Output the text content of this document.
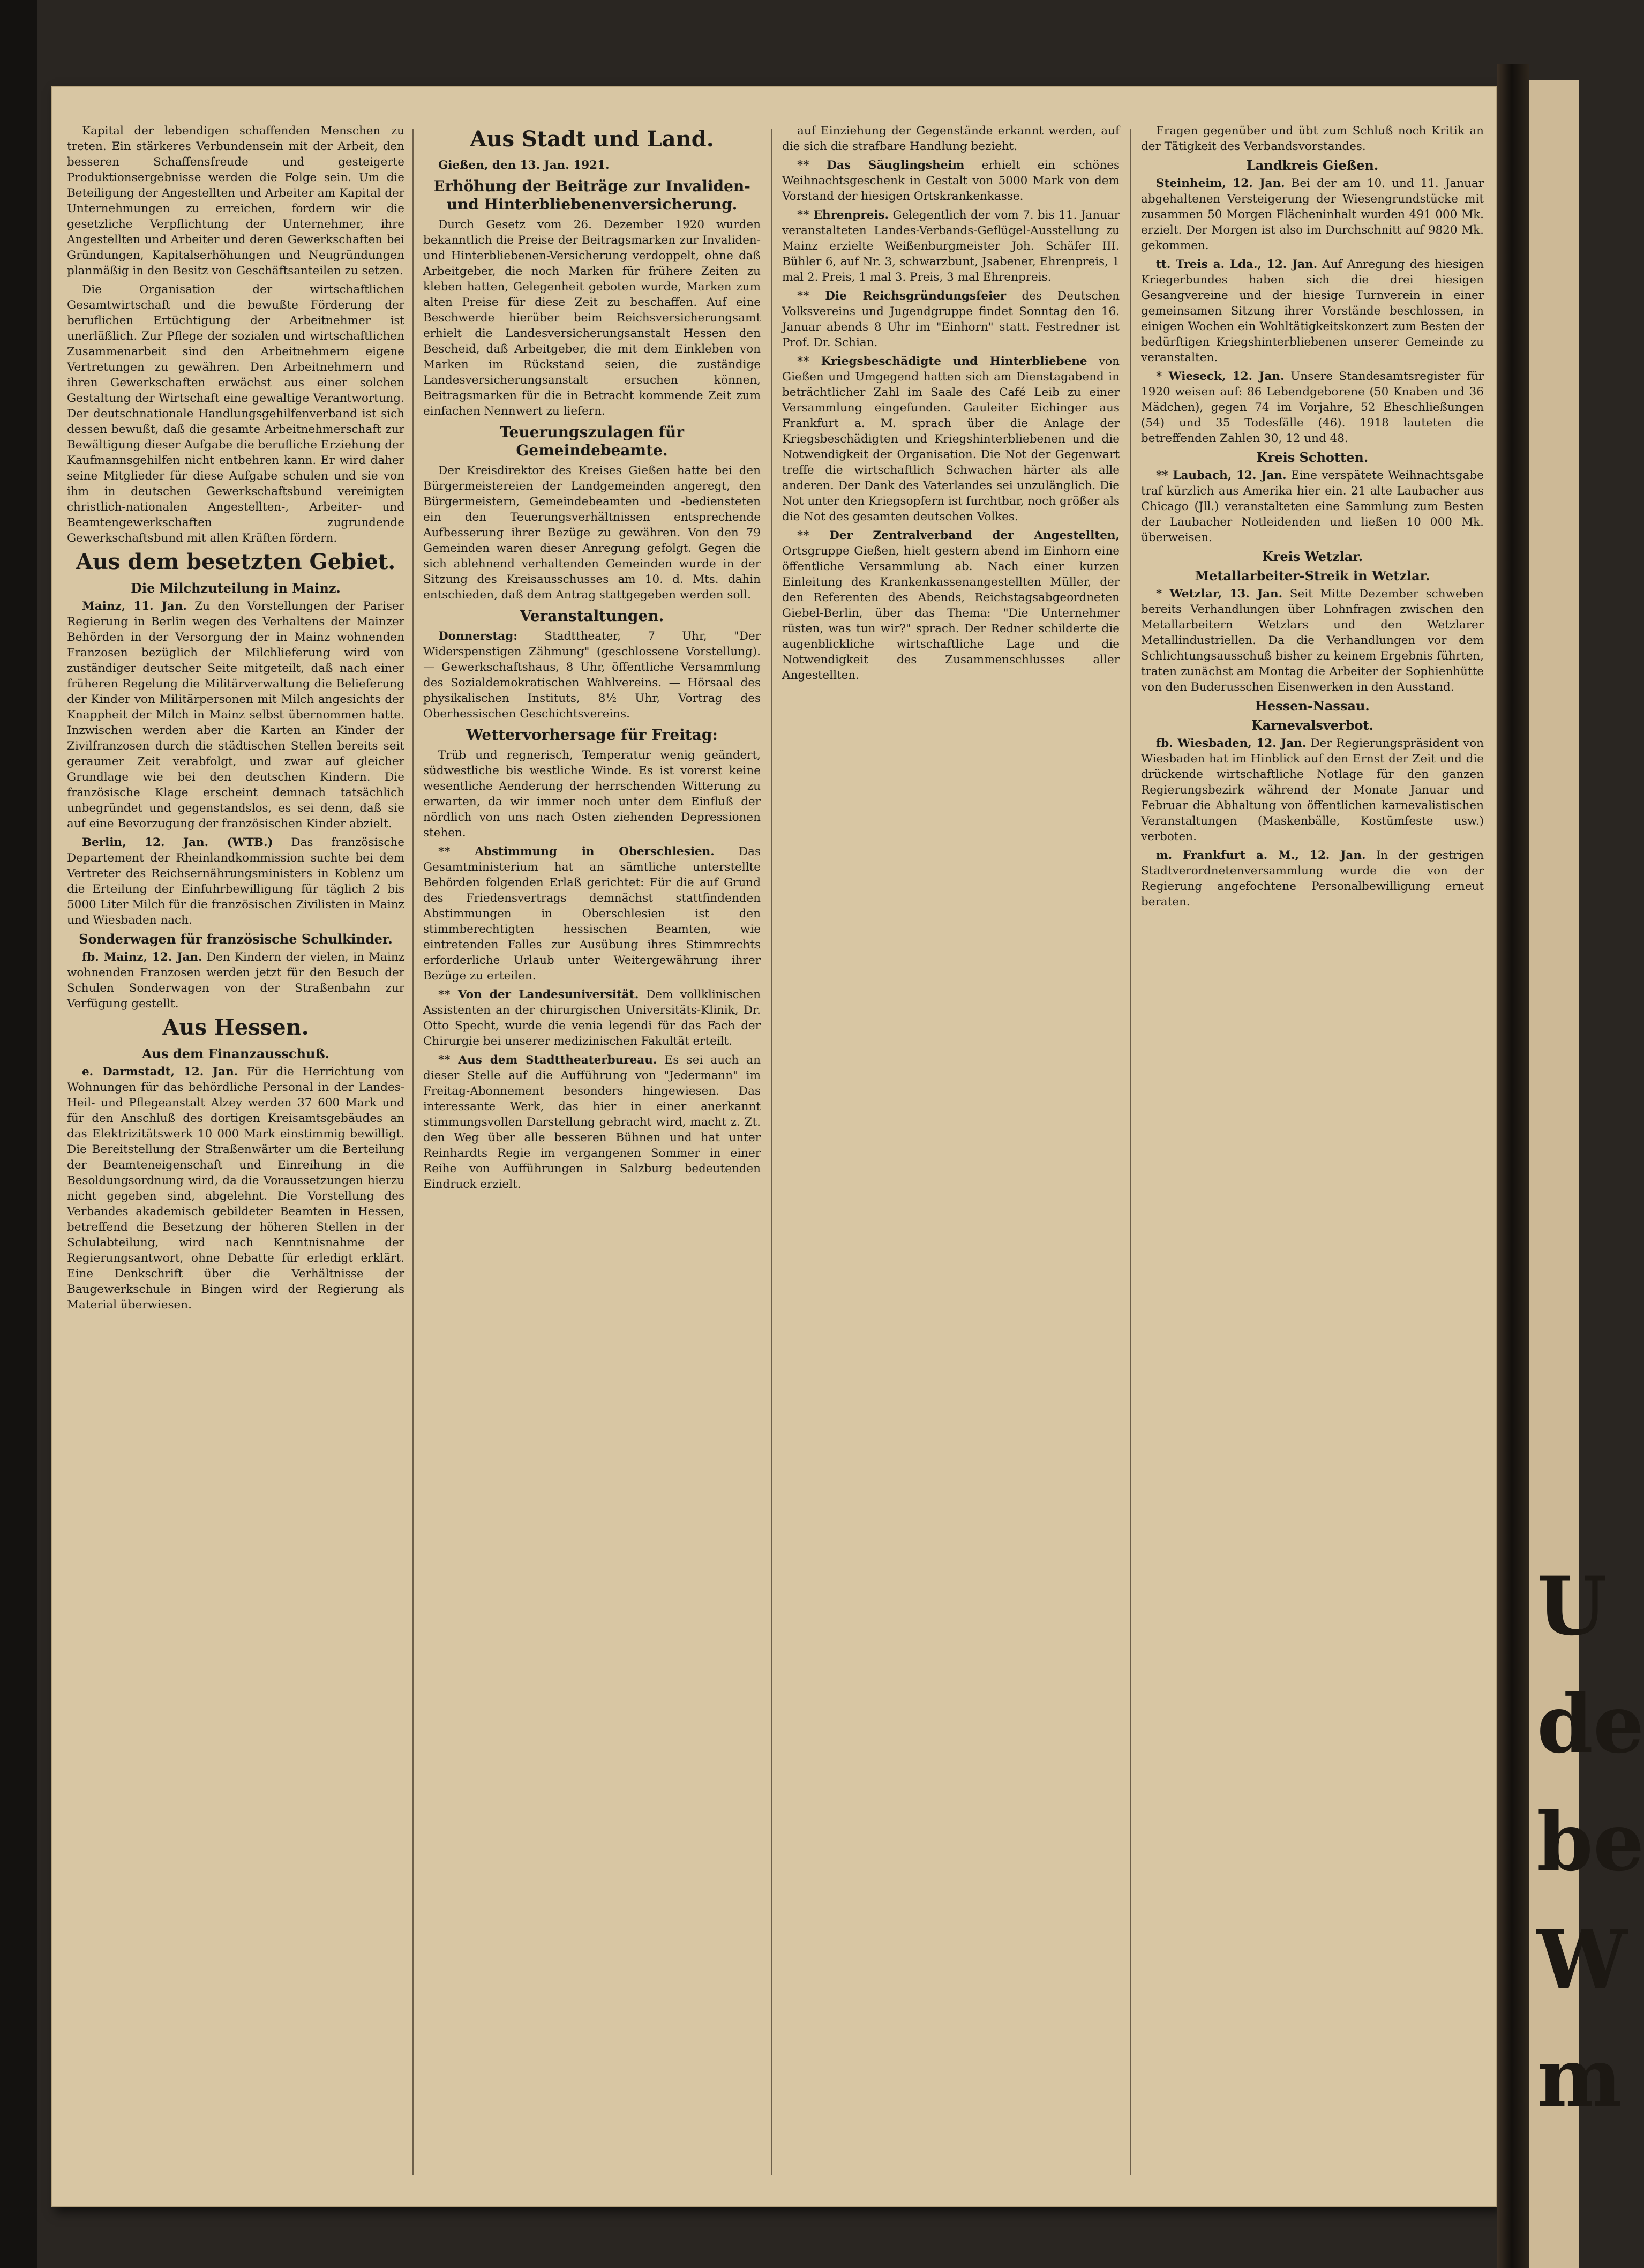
U
de
be
W
m

Kapital der lebendigen schaffenden Menschen zu treten. Ein stärkeres Verbundensein mit der Arbeit, den besseren Schaffensfreude und gesteigerte Produktionsergebnisse werden die Folge sein. Um die Beteiligung der Angestellten und Arbeiter am Kapital der Unternehmungen zu erreichen, fordern wir die gesetzliche Verpflichtung der Unternehmer, ihre Angestellten und Arbeiter und deren Gewerkschaften bei Gründungen, Kapitalserhöhungen und Neugründungen planmäßig in den Besitz von Geschäftsanteilen zu setzen.

Die Organisation der wirtschaftlichen Gesamtwirtschaft und die bewußte Förderung der beruflichen Ertüchtigung der Arbeitnehmer ist unerläßlich. Zur Pflege der sozialen und wirtschaftlichen Zusammenarbeit sind den Arbeitnehmern eigene Vertretungen zu gewähren. Den Arbeitnehmern und ihren Gewerkschaften erwächst aus einer solchen Gestaltung der Wirtschaft eine gewaltige Verantwortung. Der deutschnationale Handlungsgehilfenverband ist sich dessen bewußt, daß die gesamte Arbeitnehmerschaft zur Bewältigung dieser Aufgabe die berufliche Erziehung der Kaufmannsgehilfen nicht entbehren kann. Er wird daher seine Mitglieder für diese Aufgabe schulen und sie von ihm in deutschen Gewerkschaftsbund vereinigten christlich-nationalen Angestellten-, Arbeiter- und Beamtengewerkschaften zugrundende Gewerkschaftsbund mit allen Kräften fördern.

Aus dem besetzten Gebiet.
Die Milchzuteilung in Mainz.

Mainz, 11. Jan. Zu den Vorstellungen der Pariser Regierung in Berlin wegen des Verhaltens der Mainzer Behörden in der Versorgung der in Mainz wohnenden Franzosen bezüglich der Milchlieferung wird von zuständiger deutscher Seite mitgeteilt, daß nach einer früheren Regelung die Militärverwaltung die Belieferung der Kinder von Militärpersonen mit Milch angesichts der Knappheit der Milch in Mainz selbst übernommen hatte. Inzwischen werden aber die Karten an Kinder der Zivilfranzosen durch die städtischen Stellen bereits seit geraumer Zeit verabfolgt, und zwar auf gleicher Grundlage wie bei den deutschen Kindern. Die französische Klage erscheint demnach tatsächlich unbegründet und gegenstandslos, es sei denn, daß sie auf eine Bevorzugung der französischen Kinder abzielt.

Berlin, 12. Jan. (WTB.) Das französische Departement der Rheinlandkommission suchte bei dem Vertreter des Reichsernährungsministers in Koblenz um die Erteilung der Einfuhrbewilligung für täglich 2 bis 5000 Liter Milch für die französischen Zivilisten in Mainz und Wiesbaden nach.

Sonderwagen für französische Schulkinder.

fb. Mainz, 12. Jan. Den Kindern der vielen, in Mainz wohnenden Franzosen werden jetzt für den Besuch der Schulen Sonderwagen von der Straßenbahn zur Verfügung gestellt.

Aus Hessen.
Aus dem Finanzausschuß.

e. Darmstadt, 12. Jan. Für die Herrichtung von Wohnungen für das behördliche Personal in der Landes-Heil- und Pflegeanstalt Alzey werden 37 600 Mark und für den Anschluß des dortigen Kreisamtsgebäudes an das Elektrizitätswerk 10 000 Mark einstimmig bewilligt. Die Bereitstellung der Straßenwärter um die Berteilung der Beamteneigenschaft und Einreihung in die Besoldungsordnung wird, da die Voraussetzungen hierzu nicht gegeben sind, abgelehnt. Die Vorstellung des Verbandes akademisch gebildeter Beamten in Hessen, betreffend die Besetzung der höheren Stellen in der Schulabteilung, wird nach Kenntnisnahme der Regierungsantwort, ohne Debatte für erledigt erklärt. Eine Denkschrift über die Verhältnisse der Baugewerkschule in Bingen wird der Regierung als Material überwiesen.

Aus Stadt und Land.

Gießen, den 13. Jan. 1921.

Erhöhung der Beiträge zur Invaliden- und Hinterbliebenenversicherung.

Durch Gesetz vom 26. Dezember 1920 wurden bekanntlich die Preise der Beitragsmarken zur Invaliden- und Hinterbliebenen-Versicherung verdoppelt, ohne daß Arbeitgeber, die noch Marken für frühere Zeiten zu kleben hatten, Gelegenheit geboten wurde, Marken zum alten Preise für diese Zeit zu beschaffen. Auf eine Beschwerde hierüber beim Reichsversicherungsamt erhielt die Landesversicherungsanstalt Hessen den Bescheid, daß Arbeitgeber, die mit dem Einkleben von Marken im Rückstand seien, die zuständige Landesversicherungsanstalt ersuchen können, Beitragsmarken für die in Betracht kommende Zeit zum einfachen Nennwert zu liefern.

Teuerungszulagen für Gemeindebeamte.

Der Kreisdirektor des Kreises Gießen hatte bei den Bürgermeistereien der Landgemeinden angeregt, den Bürgermeistern, Gemeindebeamten und -bediensteten ein den Teuerungsverhältnissen entsprechende Aufbesserung ihrer Bezüge zu gewähren. Von den 79 Gemeinden waren dieser Anregung gefolgt. Gegen die sich ablehnend verhaltenden Gemeinden wurde in der Sitzung des Kreisausschusses am 10. d. Mts. dahin entschieden, daß dem Antrag stattgegeben werden soll.

Veranstaltungen.

Donnerstag: Stadttheater, 7 Uhr, "Der Widerspenstigen Zähmung" (geschlossene Vorstellung). — Gewerkschaftshaus, 8 Uhr, öffentliche Versammlung des Sozialdemokratischen Wahlvereins. — Hörsaal des physikalischen Instituts, 8½ Uhr, Vortrag des Oberhessischen Geschichtsvereins.

Wettervorhersage für Freitag:

Trüb und regnerisch, Temperatur wenig geändert, südwestliche bis westliche Winde. Es ist vorerst keine wesentliche Aenderung der herrschenden Witterung zu erwarten, da wir immer noch unter dem Einfluß der nördlich von uns nach Osten ziehenden Depressionen stehen.

** Abstimmung in Oberschlesien. Das Gesamtministerium hat an sämtliche unterstellte Behörden folgenden Erlaß gerichtet: Für die auf Grund des Friedensvertrags demnächst stattfindenden Abstimmungen in Oberschlesien ist den stimmberechtigten hessischen Beamten, wie eintretenden Falles zur Ausübung ihres Stimmrechts erforderliche Urlaub unter Weitergewährung ihrer Bezüge zu erteilen.

** Von der Landesuniversität. Dem vollklinischen Assistenten an der chirurgischen Universitäts-Klinik, Dr. Otto Specht, wurde die venia legendi für das Fach der Chirurgie bei unserer medizinischen Fakultät erteilt.

** Aus dem Stadttheaterbureau. Es sei auch an dieser Stelle auf die Aufführung von "Jedermann" im Freitag-Abonnement besonders hingewiesen. Das interessante Werk, das hier in einer anerkannt stimmungsvollen Darstellung gebracht wird, macht z. Zt. den Weg über alle besseren Bühnen und hat unter Reinhardts Regie im vergangenen Sommer in einer Reihe von Aufführungen in Salzburg bedeutenden Eindruck erzielt.

auf Einziehung der Gegenstände erkannt werden, auf die sich die strafbare Handlung bezieht.

** Das Säuglingsheim erhielt ein schönes Weihnachtsgeschenk in Gestalt von 5000 Mark von dem Vorstand der hiesigen Ortskrankenkasse.

** Ehrenpreis. Gelegentlich der vom 7. bis 11. Januar veranstalteten Landes-Verbands-Geflügel-Ausstellung zu Mainz erzielte Weißenburgmeister Joh. Schäfer III. Bühler 6, auf Nr. 3, schwarzbunt, Jsabener, Ehrenpreis, 1 mal 2. Preis, 1 mal 3. Preis, 3 mal Ehrenpreis.

** Die Reichsgründungsfeier des Deutschen Volksvereins und Jugendgruppe findet Sonntag den 16. Januar abends 8 Uhr im "Einhorn" statt. Festredner ist Prof. Dr. Schian.

** Kriegsbeschädigte und Hinterbliebene von Gießen und Umgegend hatten sich am Dienstagabend in beträchtlicher Zahl im Saale des Café Leib zu einer Versammlung eingefunden. Gauleiter Eichinger aus Frankfurt a. M. sprach über die Anlage der Kriegsbeschädigten und Kriegshinterbliebenen und die Notwendigkeit der Organisation. Die Not der Gegenwart treffe die wirtschaftlich Schwachen härter als alle anderen. Der Dank des Vaterlandes sei unzulänglich. Die Not unter den Kriegsopfern ist furchtbar, noch größer als die Not des gesamten deutschen Volkes.

** Der Zentralverband der Angestellten, Ortsgruppe Gießen, hielt gestern abend im Einhorn eine öffentliche Versammlung ab. Nach einer kurzen Einleitung des Krankenkassenangestellten Müller, der den Referenten des Abends, Reichstagsabgeordneten Giebel-Berlin, über das Thema: "Die Unternehmer rüsten, was tun wir?" sprach. Der Redner schilderte die augenblickliche wirtschaftliche Lage und die Notwendigkeit des Zusammenschlusses aller Angestellten.

Fragen gegenüber und übt zum Schluß noch Kritik an der Tätigkeit des Verbandsvorstandes.

Landkreis Gießen.

Steinheim, 12. Jan. Bei der am 10. und 11. Januar abgehaltenen Versteigerung der Wiesengrundstücke mit zusammen 50 Morgen Flächeninhalt wurden 491 000 Mk. erzielt. Der Morgen ist also im Durchschnitt auf 9820 Mk. gekommen.

tt. Treis a. Lda., 12. Jan. Auf Anregung des hiesigen Kriegerbundes haben sich die drei hiesigen Gesangvereine und der hiesige Turnverein in einer gemeinsamen Sitzung ihrer Vorstände beschlossen, in einigen Wochen ein Wohltätigkeitskonzert zum Besten der bedürftigen Kriegshinterbliebenen unserer Gemeinde zu veranstalten.

* Wieseck, 12. Jan. Unsere Standesamtsregister für 1920 weisen auf: 86 Lebendgeborene (50 Knaben und 36 Mädchen), gegen 74 im Vorjahre, 52 Eheschließungen (54) und 35 Todesfälle (46). 1918 lauteten die betreffenden Zahlen 30, 12 und 48.

Kreis Schotten.

** Laubach, 12. Jan. Eine verspätete Weihnachtsgabe traf kürzlich aus Amerika hier ein. 21 alte Laubacher aus Chicago (Jll.) veranstalteten eine Sammlung zum Besten der Laubacher Notleidenden und ließen 10 000 Mk. überweisen.

Kreis Wetzlar.
Metallarbeiter-Streik in Wetzlar.

* Wetzlar, 13. Jan. Seit Mitte Dezember schweben bereits Verhandlungen über Lohnfragen zwischen den Metallarbeitern Wetzlars und den Wetzlarer Metallindustriellen. Da die Verhandlungen vor dem Schlichtungsausschuß bisher zu keinem Ergebnis führten, traten zunächst am Montag die Arbeiter der Sophienhütte von den Buderusschen Eisenwerken in den Ausstand.

Hessen-Nassau.
Karnevalsverbot.

fb. Wiesbaden, 12. Jan. Der Regierungspräsident von Wiesbaden hat im Hinblick auf den Ernst der Zeit und die drückende wirtschaftliche Notlage für den ganzen Regierungsbezirk während der Monate Januar und Februar die Abhaltung von öffentlichen karnevalistischen Veranstaltungen (Maskenbälle, Kostümfeste usw.) verboten.

m. Frankfurt a. M., 12. Jan. In der gestrigen Stadtverordnetenversammlung wurde die von der Regierung angefochtene Personalbewilligung erneut beraten.
